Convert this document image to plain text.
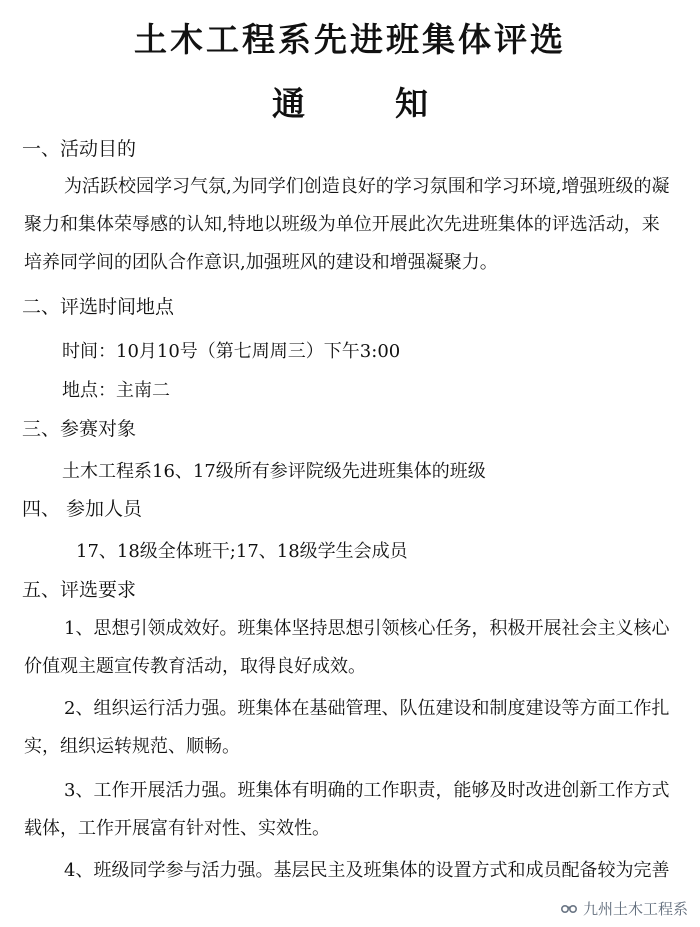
土木工程系先进班集体评选
通知
一、活动目的
为活跃校园学习气氛,为同学们创造良好的学习氛围和学习环境,增强班级的凝聚力和集体荣辱感的认知,特地以班级为单位开展此次先进班集体的评选活动，来培养同学间的团队合作意识,加强班风的建设和增强凝聚力。
二、评选时间地点
时间：10月10号（第七周周三）下午3:00
地点：主南二
三、参赛对象
土木工程系16、17级所有参评院级先进班集体的班级
四、 参加人员
17、18级全体班干;17、18级学生会成员
五、评选要求
1、思想引领成效好。班集体坚持思想引领核心任务，积极开展社会主义核心价值观主题宣传教育活动，取得良好成效。
2、组织运行活力强。班集体在基础管理、队伍建设和制度建设等方面工作扎实，组织运转规范、顺畅。
3、工作开展活力强。班集体有明确的工作职责，能够及时改进创新工作方式载体，工作开展富有针对性、实效性。
4、班级同学参与活力强。基层民主及班集体的设置方式和成员配备较为完善
九州土木工程系
